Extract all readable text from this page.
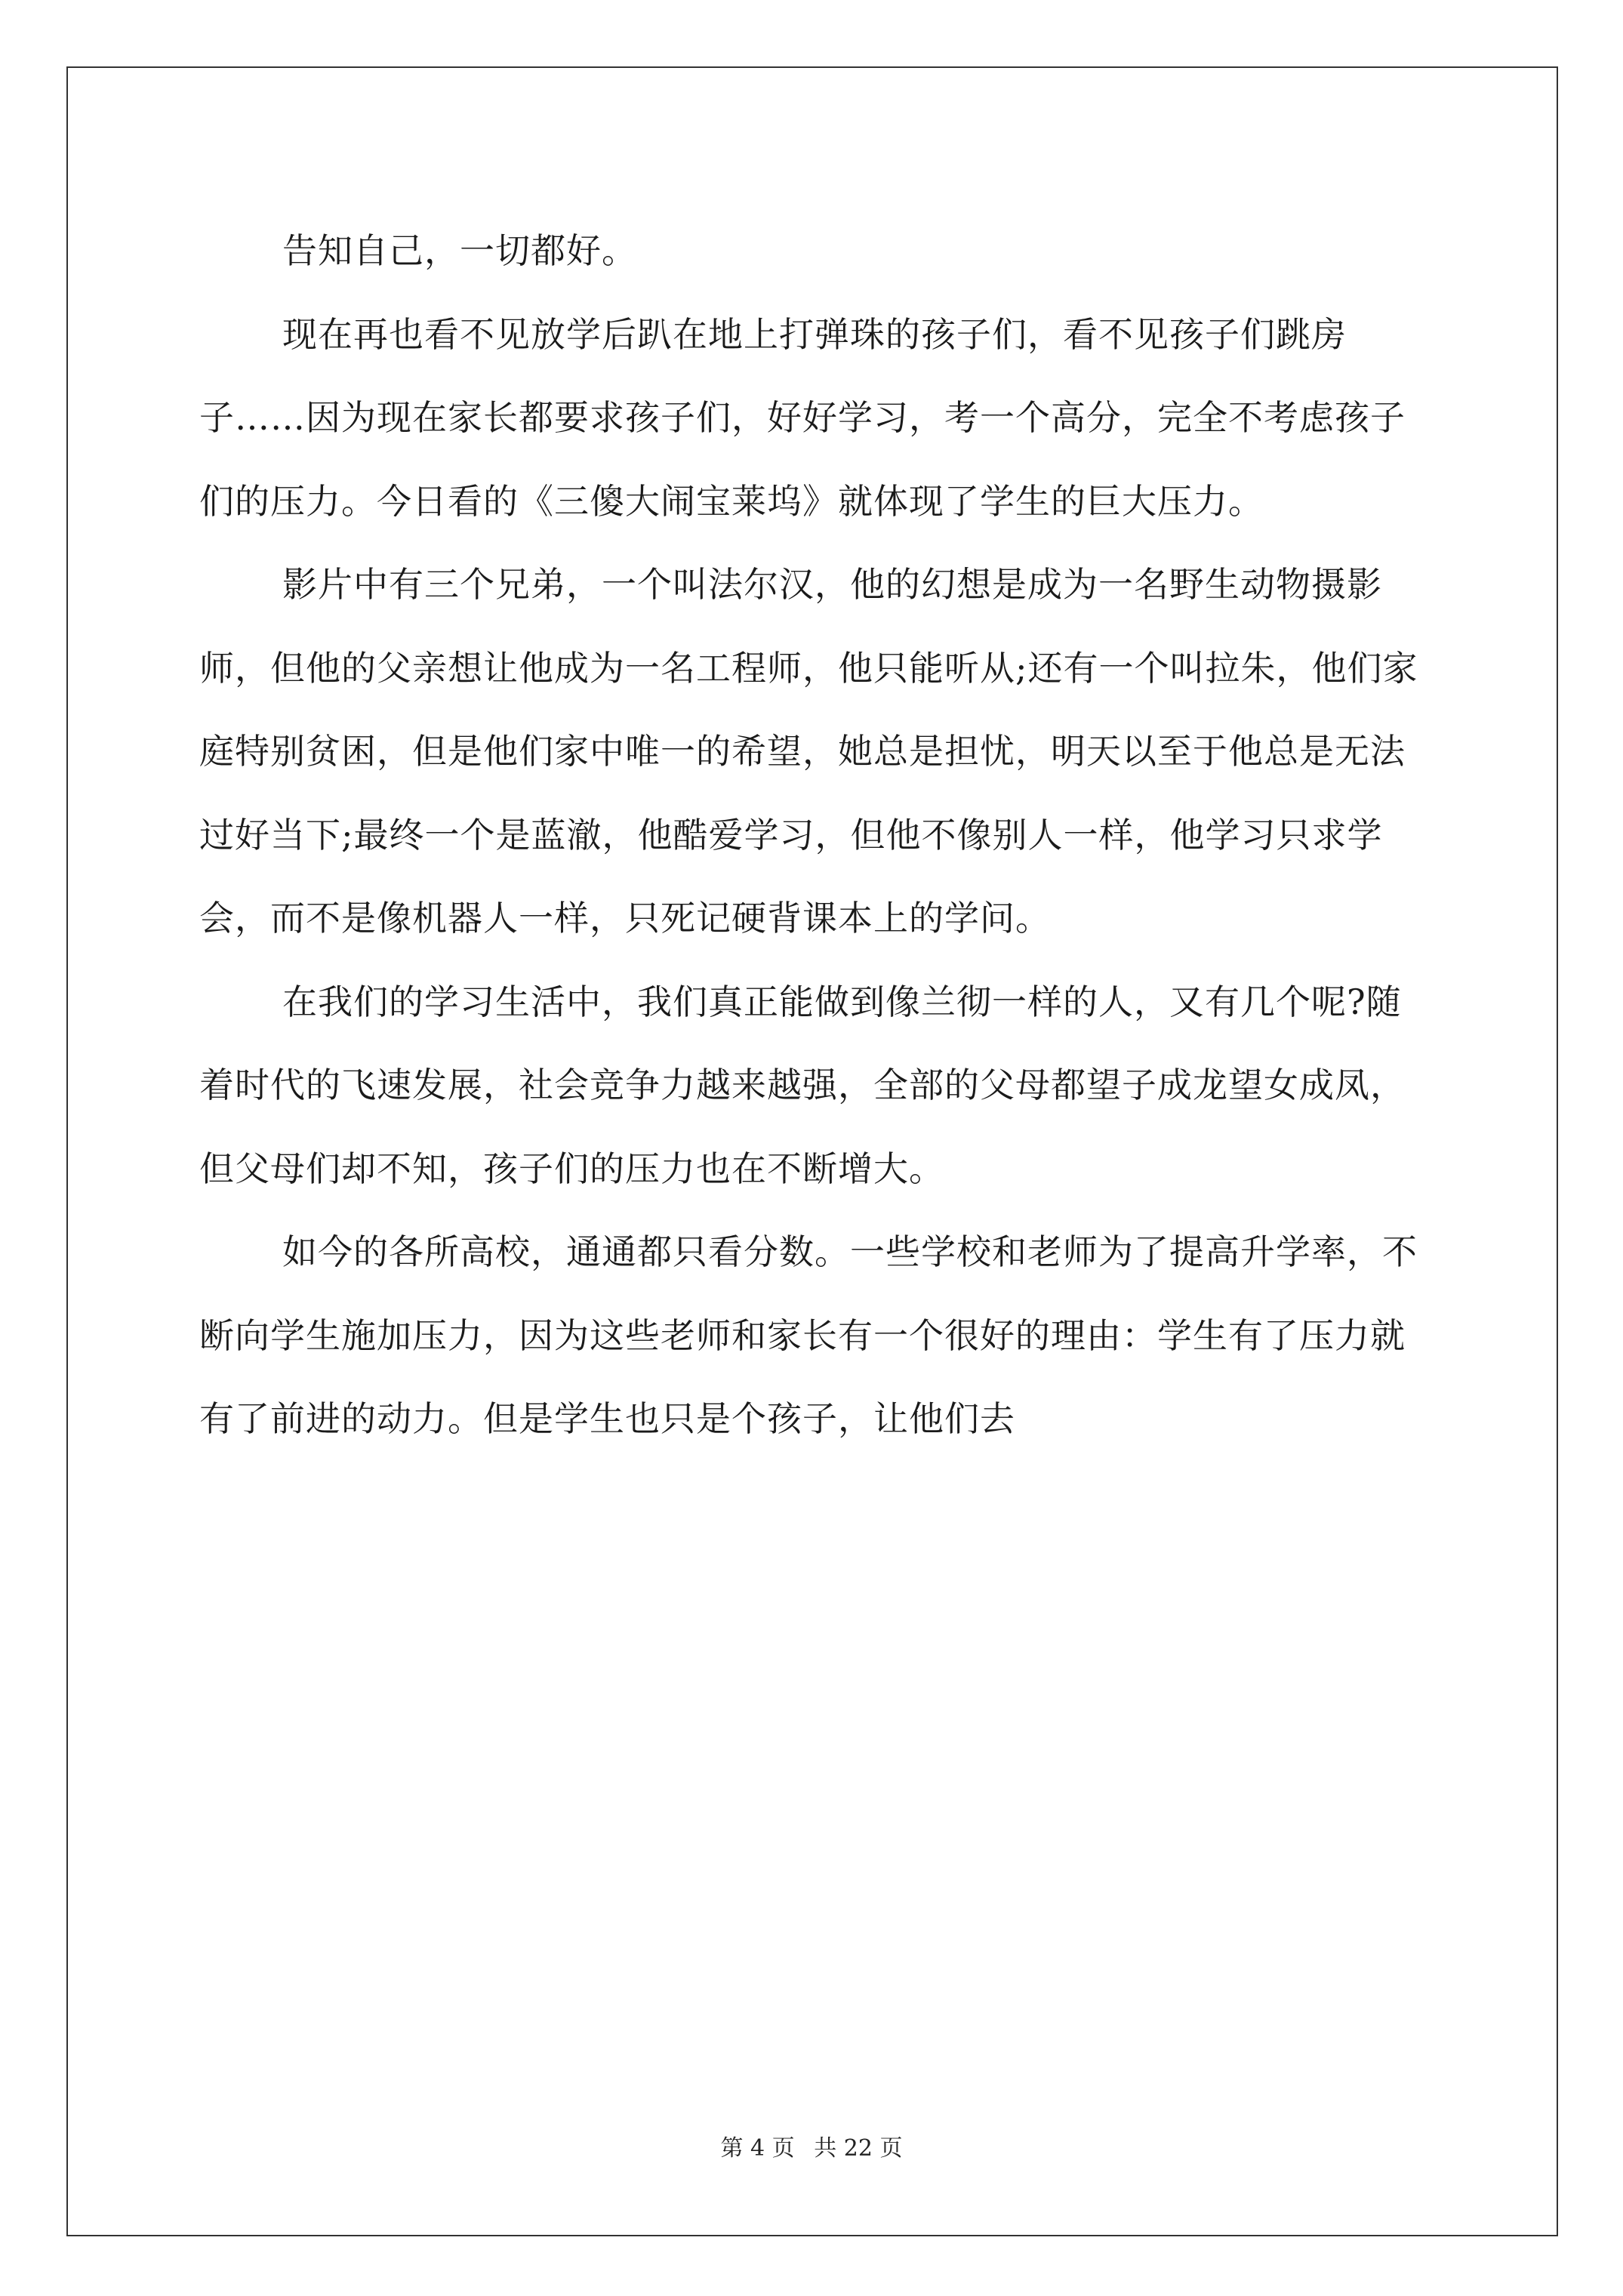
告知自己，一切都好。

现在再也看不见放学后趴在地上打弹珠的孩子们，看不见孩子们跳房子……因为现在家长都要求孩子们，好好学习，考一个高分，完全不考虑孩子们的压力。今日看的《三傻大闹宝莱坞》就体现了学生的巨大压力。

影片中有三个兄弟，一个叫法尔汉，他的幻想是成为一名野生动物摄影师，但他的父亲想让他成为一名工程师，他只能听从;还有一个叫拉朱，他们家庭特别贫困，但是他们家中唯一的希望，她总是担忧，明天以至于他总是无法过好当下;最终一个是蓝澈，他酷爱学习，但他不像别人一样，他学习只求学会，而不是像机器人一样，只死记硬背课本上的学问。

在我们的学习生活中，我们真正能做到像兰彻一样的人，又有几个呢?随着时代的飞速发展，社会竞争力越来越强，全部的父母都望子成龙望女成凤，但父母们却不知，孩子们的压力也在不断增大。

如今的各所高校，通通都只看分数。一些学校和老师为了提高升学率，不断向学生施加压力，因为这些老师和家长有一个很好的理由：学生有了压力就有了前进的动力。但是学生也只是个孩子，让他们去

第 4 页 共 22 页
